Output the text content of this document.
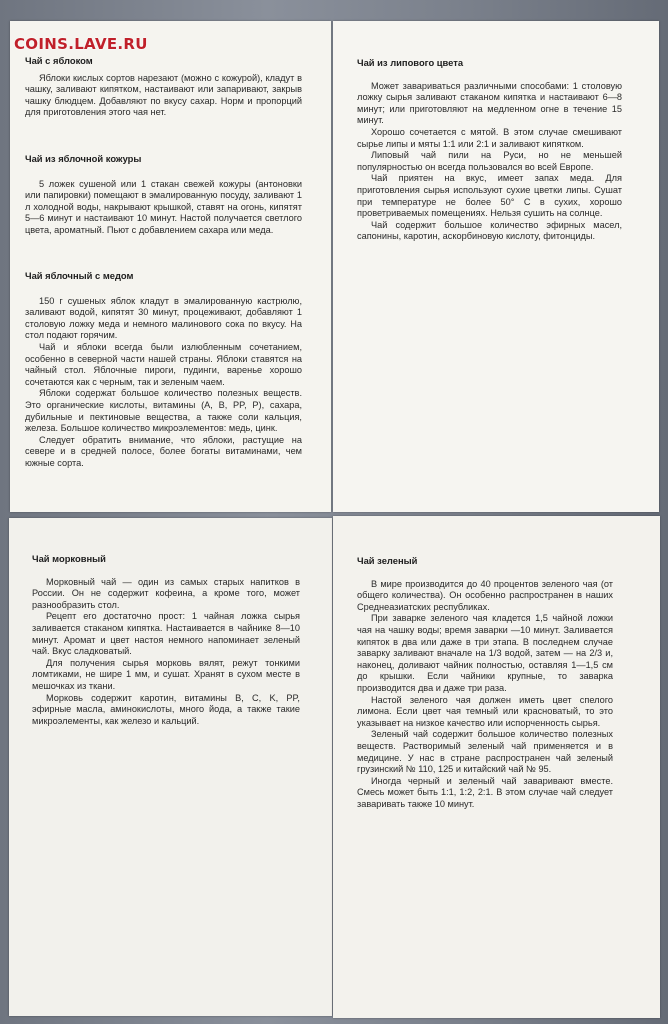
Чай с яблоком

Яблоки кислых сортов нарезают (можно с кожурой), кладут в чашку, заливают кипятком, настаивают или запаривают, закрыв чашку блюдцем. Добавляют по вкусу сахар. Норм и пропорций для приготовления этого чая нет.

Чай из яблочной кожуры

5 ложек сушеной или 1 стакан свежей кожуры (антоновки или папировки) помещают в эмалированную посуду, заливают 1 л холодной воды, накрывают крышкой, ставят на огонь, кипятят 5—6 минут и настаивают 10 минут. Настой получается светлого цвета, ароматный. Пьют с добавлением сахара или меда.

Чай яблочный с медом

150 г сушеных яблок кладут в эмалированную кастрюлю, заливают водой, кипятят 30 минут, процеживают, добавляют 1 столовую ложку меда и немного малинового сока по вкусу. На стол подают горячим.

Чай и яблоки всегда были излюбленным сочетанием, особенно в северной части нашей страны. Яблоки ставятся на чайный стол. Яблочные пироги, пудинги, варенье хорошо сочетаются как с черным, так и зеленым чаем.

Яблоки содержат большое количество полезных веществ. Это органические кислоты, витамины (A, B, PP, P), сахара, дубильные и пектиновые вещества, а также соли кальция, железа. Большое количество микроэлементов: медь, цинк.

Следует обратить внимание, что яблоки, растущие на севере и в средней полосе, более богаты витаминами, чем южные сорта.

Чай из липового цвета

Может завариваться различными способами: 1 столовую ложку сырья заливают стаканом кипятка и настаивают 6—8 минут; или приготовляют на медленном огне в течение 15 минут.

Хорошо сочетается с мятой. В этом случае смешивают сырье липы и мяты 1:1 или 2:1 и заливают кипятком.

Липовый чай пили на Руси, но не меньшей популярностью он всегда пользовался во всей Европе.

Чай приятен на вкус, имеет запах меда. Для приготовления сырья используют сухие цветки липы. Сушат при температуре не более 50° С в сухих, хорошо проветриваемых помещениях. Нельзя сушить на солнце.

Чай содержит большое количество эфирных масел, сапонины, каротин, аскорбиновую кислоту, фитонциды.

Чай морковный

Морковный чай — один из самых старых напитков в России. Он не содержит кофеина, а кроме того, может разнообразить стол.

Рецепт его достаточно прост: 1 чайная ложка сырья заливается стаканом кипятка. Настаивается в чайнике 8—10 минут. Аромат и цвет настоя немного напоминает зеленый чай. Вкус сладковатый.

Для получения сырья морковь вялят, режут тонкими ломтиками, не шире 1 мм, и сушат. Хранят в сухом месте в мешочках из ткани.

Морковь содержит каротин, витамины B, C, K, PP, эфирные масла, аминокислоты, много йода, а также такие микроэлементы, как железо и кальций.

Чай зеленый

В мире производится до 40 процентов зеленого чая (от общего количества). Он особенно распространен в наших Среднеазиатских республиках.

При заварке зеленого чая кладется 1,5 чайной ложки чая на чашку воды; время заварки —10 минут. Заливается кипяток в два или даже в три этапа. В последнем случае заварку заливают вначале на 1/3 водой, затем — на 2/3 и, наконец, доливают чайник полностью, оставляя 1—1,5 см до крышки. Если чайники крупные, то заварка производится два и даже три раза.

Настой зеленого чая должен иметь цвет спелого лимона. Если цвет чая темный или красноватый, то это указывает на низкое качество или испорченность сырья.

Зеленый чай содержит большое количество полезных веществ. Растворимый зеленый чай применяется и в медицине. У нас в стране распространен чай зеленый грузинский № 110, 125 и китайский чай № 95.

Иногда черный и зеленый чай заваривают вместе. Смесь может быть 1:1, 1:2, 2:1. В этом случае чай следует заваривать также 10 минут.

COINS.LAVE.RU
